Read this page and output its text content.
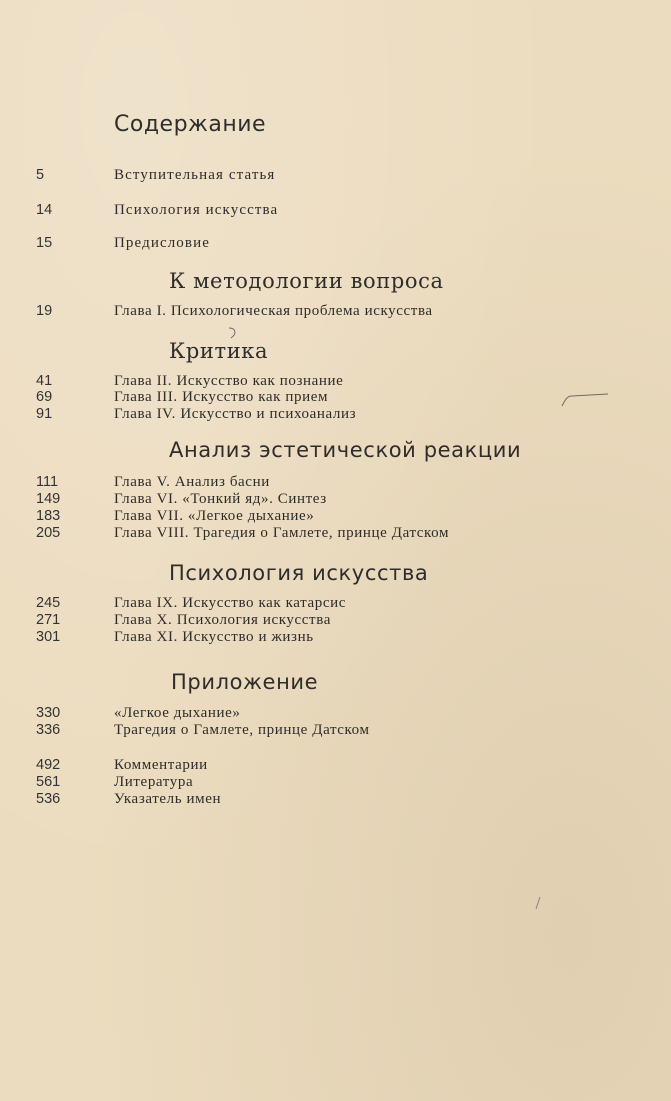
Содержание
5	Вступительная статья
14	Психология искусства
15	Предисловие
К методологии вопроса
19	Глава I. Психологическая проблема искусства
Критика
41	Глава II. Искусство как познание
69	Глава III. Искусство как прием
91	Глава IV. Искусство и психоанализ
Анализ эстетической реакции
111	Глава V. Анализ басни
149	Глава VI. «Тонкий яд». Синтез
183	Глава VII. «Легкое дыхание»
205	Глава VIII. Трагедия о Гамлете, принце Датском
Психология искусства
245	Глава IX. Искусство как катарсис
271	Глава X. Психология искусства
301	Глава XI. Искусство и жизнь
Приложение
330	«Легкое дыхание»
336	Трагедия о Гамлете, принце Датском
492	Комментарии
561	Литература
536	Указатель имен
